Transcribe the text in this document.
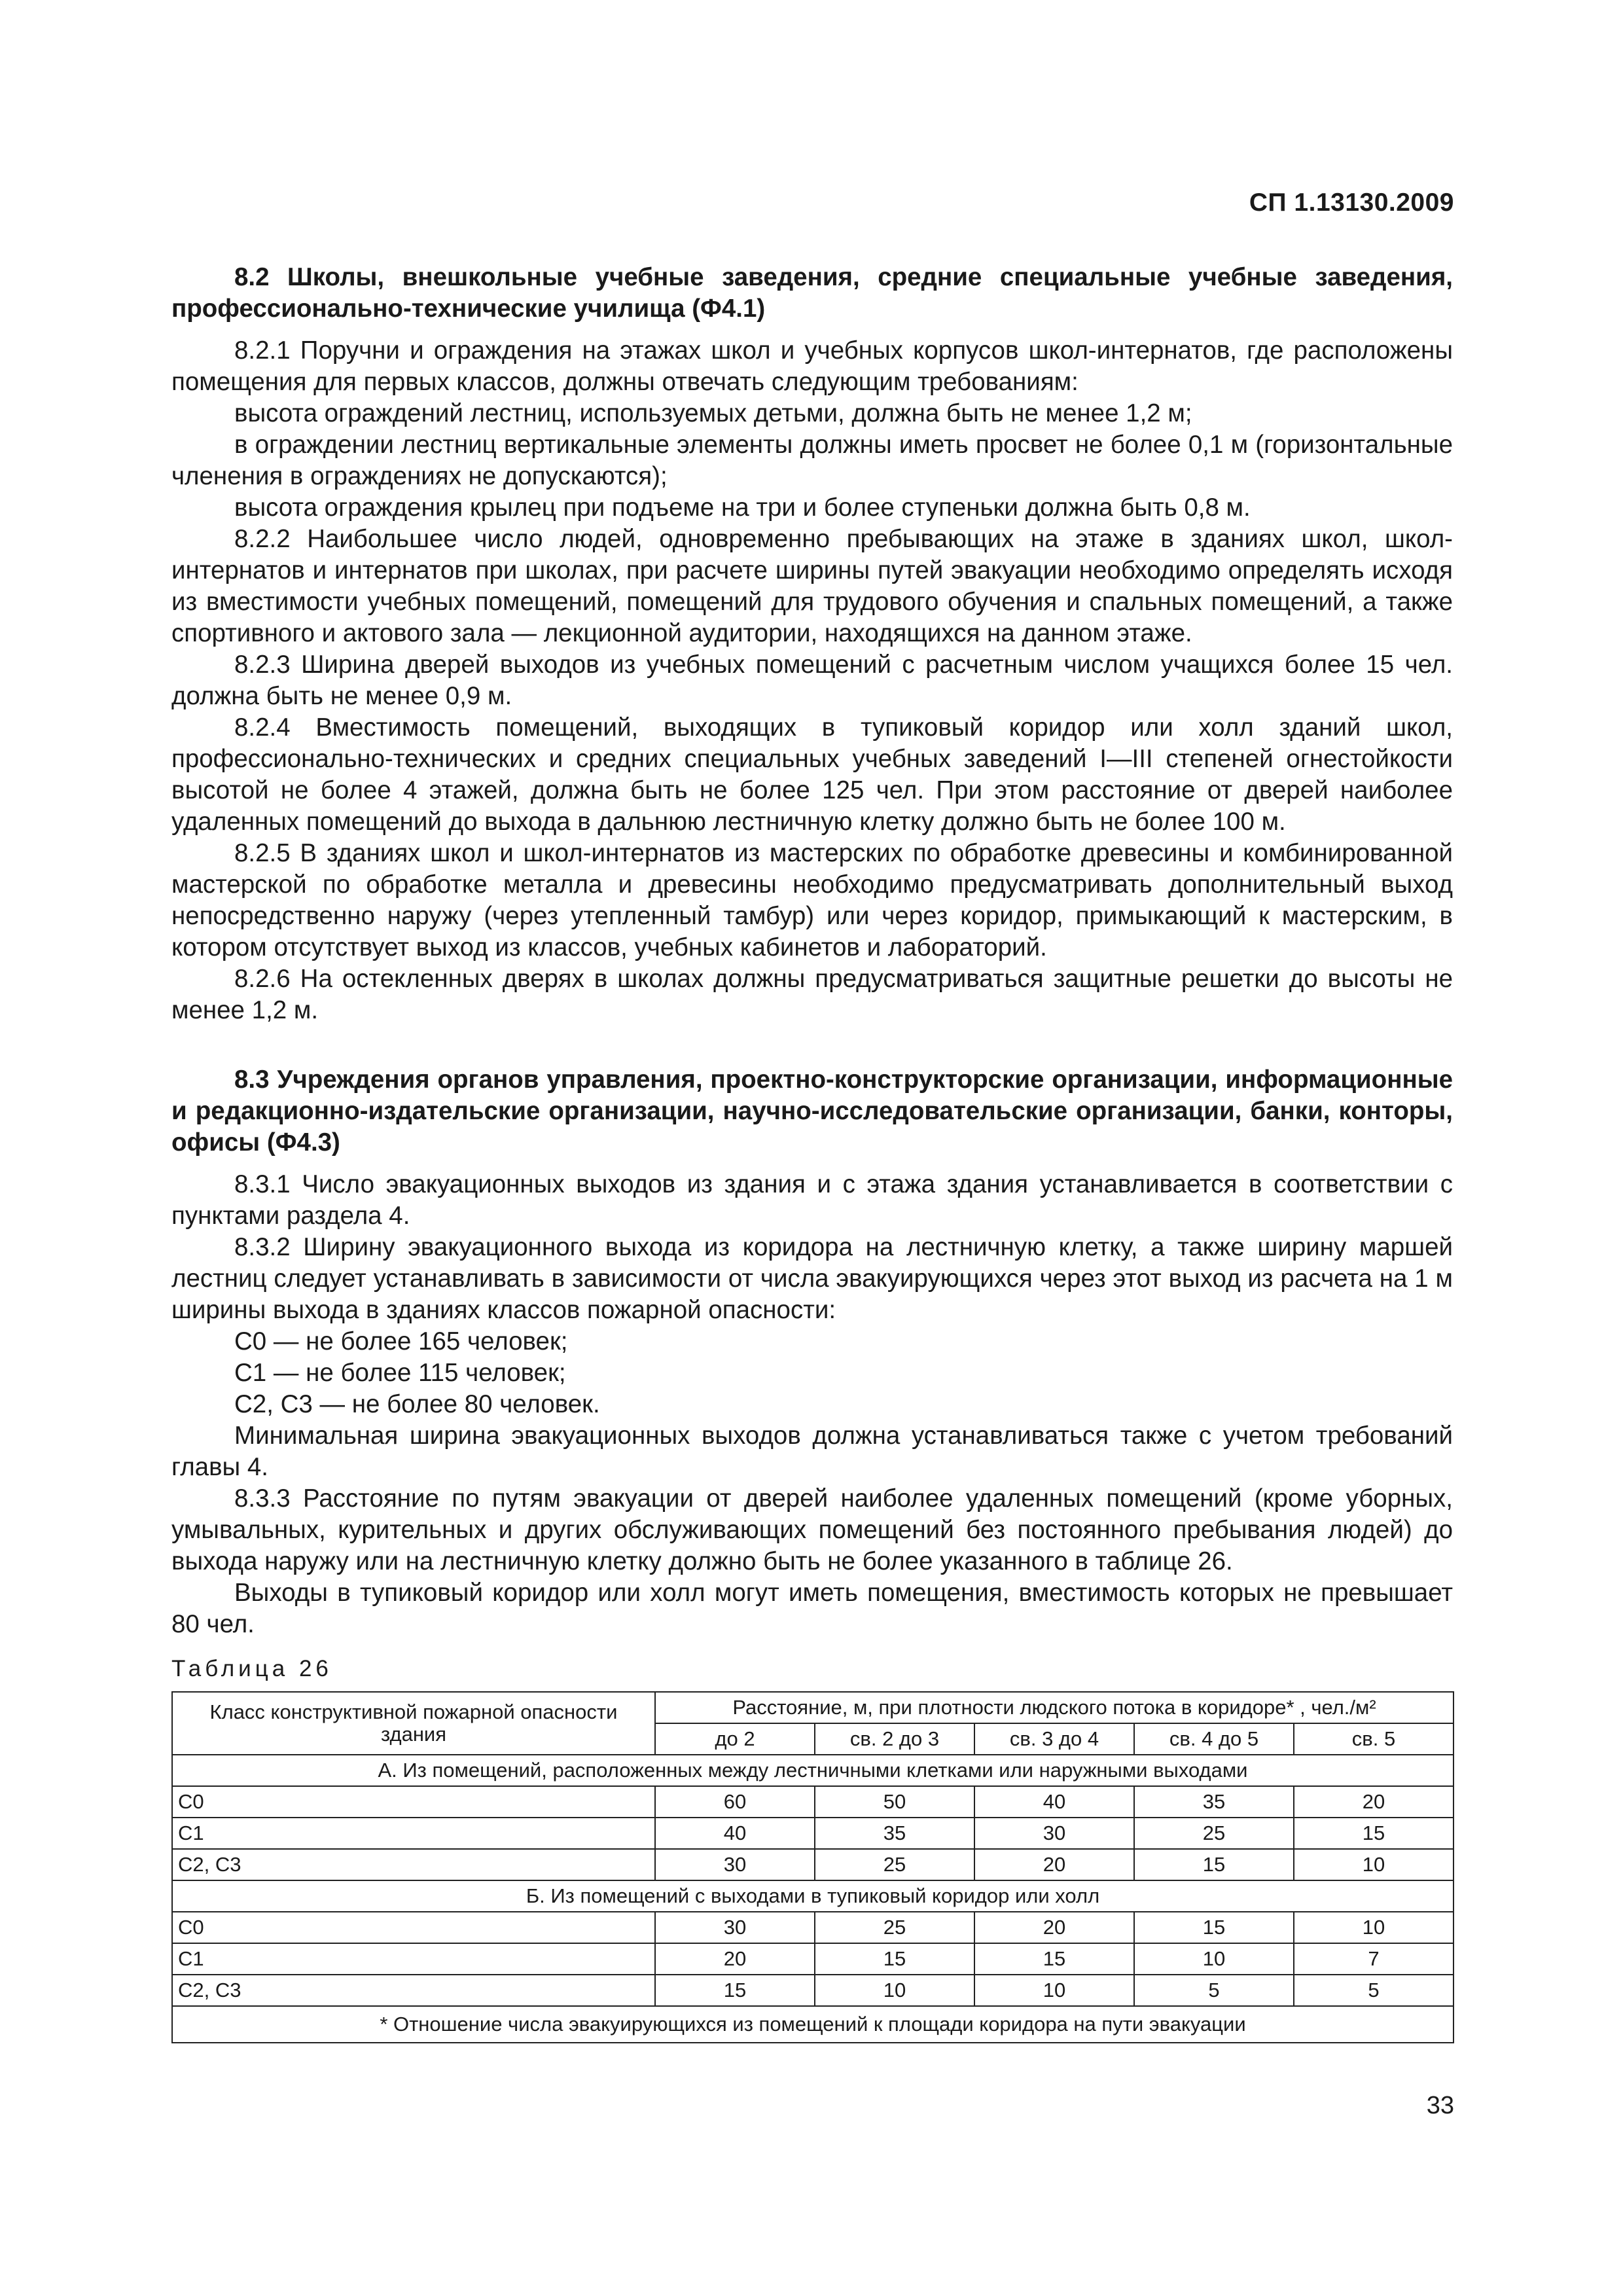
СП 1.13130.2009
8.2 Школы, внешкольные учебные заведения, средние специальные учебные заведения, профессионально-технические училища (Ф4.1)

8.2.1 Поручни и ограждения на этажах школ и учебных корпусов школ-интернатов, где расположены помещения для первых классов, должны отвечать следующим требованиям:

высота ограждений лестниц, используемых детьми, должна быть не менее 1,2 м;

в ограждении лестниц вертикальные элементы должны иметь просвет не более 0,1 м (горизонтальные членения в ограждениях не допускаются);

высота ограждения крылец при подъеме на три и более ступеньки должна быть 0,8 м.

8.2.2 Наибольшее число людей, одновременно пребывающих на этаже в зданиях школ, школ-интернатов и интернатов при школах, при расчете ширины путей эвакуации необходимо определять исходя из вместимости учебных помещений, помещений для трудового обучения и спальных помещений, а также спортивного и актового зала — лекционной аудитории, находящихся на данном этаже.

8.2.3 Ширина дверей выходов из учебных помещений с расчетным числом учащихся более 15 чел. должна быть не менее 0,9 м.

8.2.4 Вместимость помещений, выходящих в тупиковый коридор или холл зданий школ, профессионально-технических и средних специальных учебных заведений I—III степеней огнестойкости высотой не более 4 этажей, должна быть не более 125 чел. При этом расстояние от дверей наиболее удаленных помещений до выхода в дальнюю лестничную клетку должно быть не более 100 м.

8.2.5 В зданиях школ и школ-интернатов из мастерских по обработке древесины и комбинированной мастерской по обработке металла и древесины необходимо предусматривать дополнительный выход непосредственно наружу (через утепленный тамбур) или через коридор, примыкающий к мастерским, в котором отсутствует выход из классов, учебных кабинетов и лабораторий.

8.2.6 На остекленных дверях в школах должны предусматриваться защитные решетки до высоты не менее 1,2 м.

8.3 Учреждения органов управления, проектно-конструкторские организации, информационные и редакционно-издательские организации, научно-исследовательские организации, банки, конторы, офисы (Ф4.3)

8.3.1 Число эвакуационных выходов из здания и с этажа здания устанавливается в соответствии с пунктами раздела 4.

8.3.2 Ширину эвакуационного выхода из коридора на лестничную клетку, а также ширину маршей лестниц следует устанавливать в зависимости от числа эвакуирующихся через этот выход из расчета на 1 м ширины выхода в зданиях классов пожарной опасности:

С0 — не более 165 человек;

С1 — не более 115 человек;

С2, С3 — не более 80 человек.

Минимальная ширина эвакуационных выходов должна устанавливаться также с учетом требований главы 4.

8.3.3 Расстояние по путям эвакуации от дверей наиболее удаленных помещений (кроме уборных, умывальных, курительных и других обслуживающих помещений без постоянного пребывания людей) до выхода наружу или на лестничную клетку должно быть не более указанного в таблице 26.

Выходы в тупиковый коридор или холл могут иметь помещения, вместимость которых не превышает 80 чел.

Таблица 26
Класс конструктивной пожарной опасности здания	Расстояние, м, при плотности людского потока в коридоре* , чел./м²				
	до 2	св. 2 до 3	св. 3 до 4	св. 4 до 5	св. 5
А. Из помещений, расположенных между лестничными клетками или наружными выходами					
С0	60	50	40	35	20
С1	40	35	30	25	15
С2, С3	30	25	20	15	10
Б. Из помещений с выходами в тупиковый коридор или холл					
С0	30	25	20	15	10
С1	20	15	15	10	7
С2, С3	15	10	10	5	5
* Отношение числа эвакуирующихся из помещений к площади коридора на пути эвакуации					
33
